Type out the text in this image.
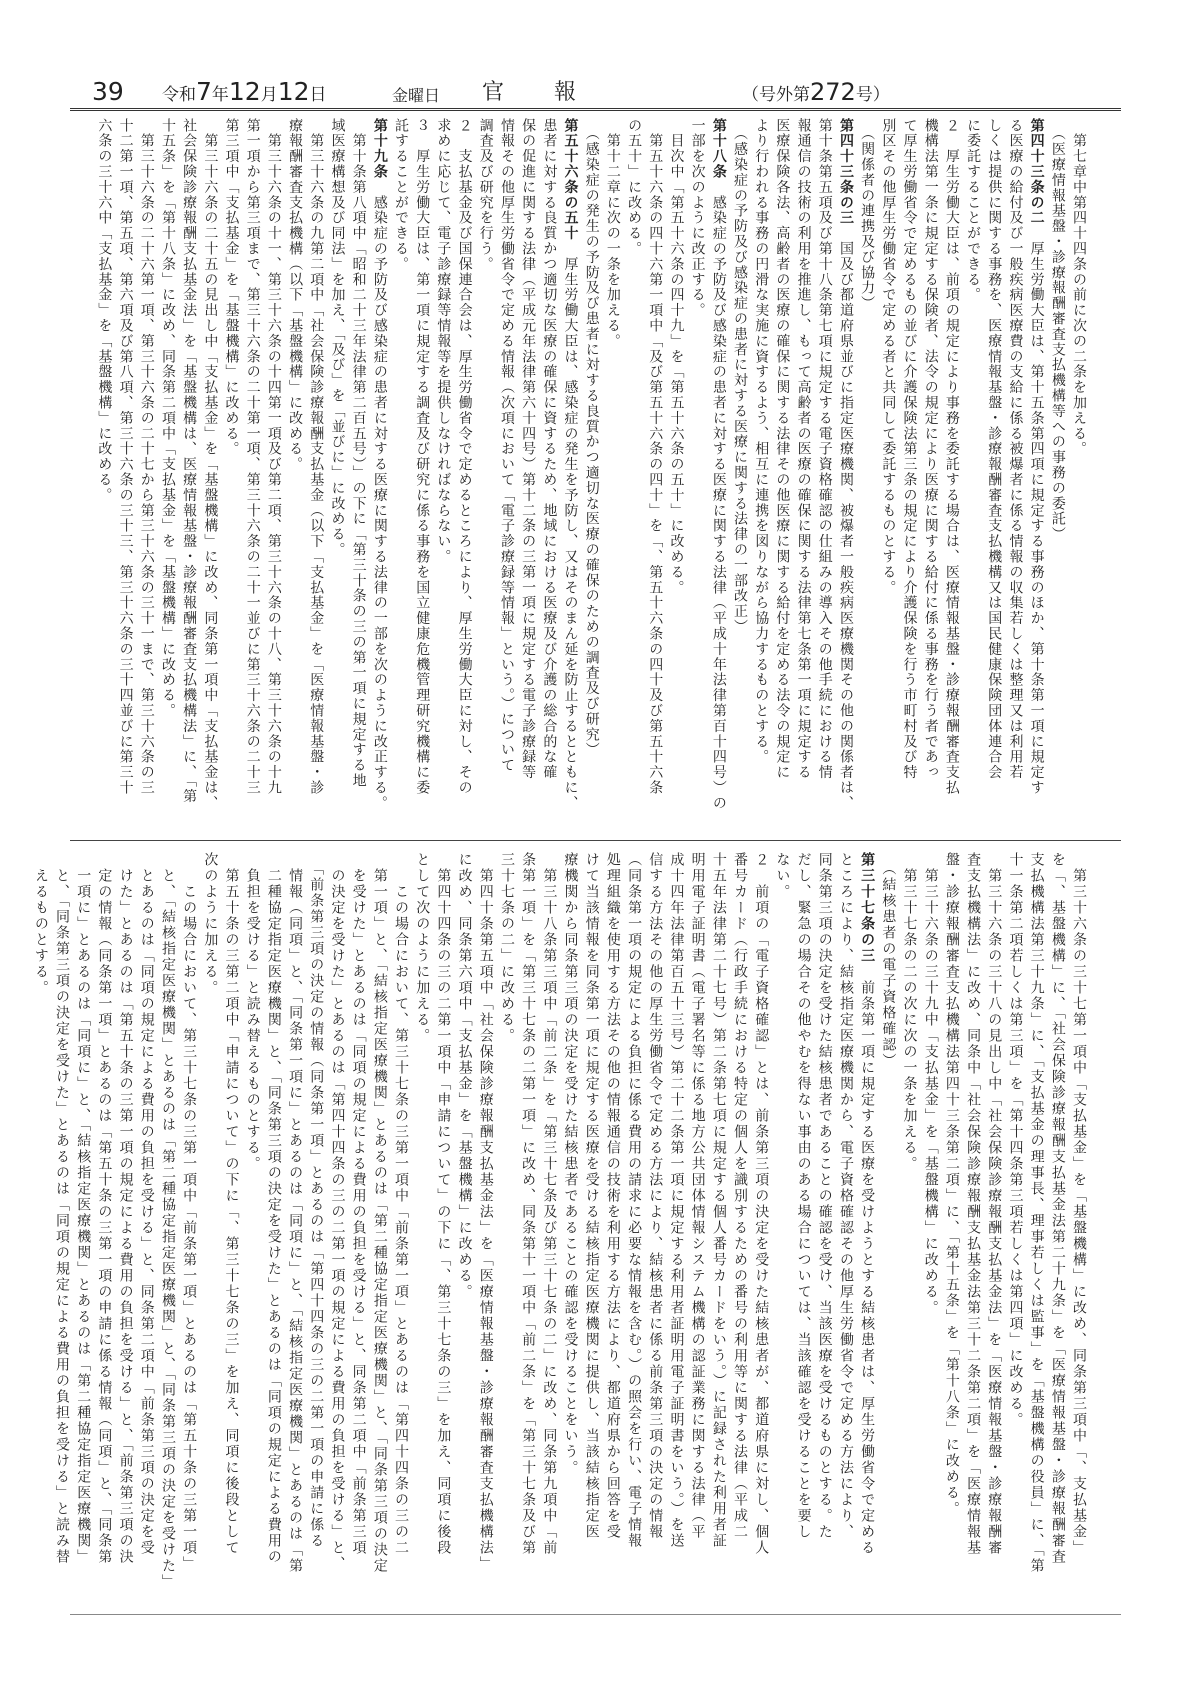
39	令和7年12月12日	金曜日	官報	（号外第272号）
　第七章中第四十四条の前に次の二条を加える。
　（医療情報基盤・診療報酬審査支払機構等への事務の委託）
第四十三条の二　厚生労働大臣は、第十五条第四項に規定する事務のほか、第十条第一項に規定す
る医療の給付及び一般疾病医療費の支給に係る被爆者に係る情報の収集若しくは整理又は利用若
しくは提供に関する事務を、医療情報基盤・診療報酬審査支払機構又は国民健康保険団体連合会
に委託することができる。
２　厚生労働大臣は、前項の規定により事務を委託する場合は、医療情報基盤・診療報酬審査支払
機構法第一条に規定する保険者、法令の規定により医療に関する給付に係る事務を行う者であっ
て厚生労働省令で定めるもの並びに介護保険法第三条の規定により介護保険を行う市町村及び特
別区その他厚生労働省令で定める者と共同して委託するものとする。
　（関係者の連携及び協力）
第四十三条の三　国及び都道府県並びに指定医療機関、被爆者一般疾病医療機関その他の関係者は、
第十条第五項及び第十八条第七項に規定する電子資格確認の仕組みの導入その他手続における情
報通信の技術の利用を推進し、もって高齢者の医療の確保に関する法律第七条第一項に規定する
医療保険各法、高齢者の医療の確保に関する法律その他医療に関する給付を定める法令の規定に
より行われる事務の円滑な実施に資するよう、相互に連携を図りながら協力するものとする。
　（感染症の予防及び感染症の患者に対する医療に関する法律の一部改正）
第十八条　感染症の予防及び感染症の患者に対する医療に関する法律（平成十年法律第百十四号）の
一部を次のように改正する。
　目次中「第五十六条の四十九」を「第五十六条の五十」に改める。
　第五十六条の四十六第一項中「及び第五十六条の四十」を「、第五十六条の四十及び第五十六条
の五十」に改める。
　第十二章に次の一条を加える。
　（感染症の発生の予防及び患者に対する良質かつ適切な医療の確保のための調査及び研究）
第五十六条の五十　厚生労働大臣は、感染症の発生を予防し、又はそのまん延を防止するとともに、
患者に対する良質かつ適切な医療の確保に資するため、地域における医療及び介護の総合的な確
保の促進に関する法律（平成元年法律第六十四号）第十二条の三第一項に規定する電子診療録等
情報その他厚生労働省令で定める情報（次項において「電子診療録等情報」という。）について
調査及び研究を行う。
２　支払基金及び国保連合会は、厚生労働省令で定めるところにより、厚生労働大臣に対し、その
求めに応じて、電子診療録等情報等を提供しなければならない。
３　厚生労働大臣は、第一項に規定する調査及び研究に係る事務を国立健康危機管理研究機構に委
託することができる。
第十九条　感染症の予防及び感染症の患者に対する医療に関する法律の一部を次のように改正する。
　第十条第八項中「昭和二十三年法律第二百五号）」の下に「第三十条の三の第一項に規定する地
域医療構想及び同法」を加え、「及び」を「並びに」に改める。
　第三十六条の九第二項中「社会保険診療報酬支払基金（以下「支払基金」を「医療情報基盤・診
療報酬審査支払機構（以下「基盤機構」に改める。
　第三十六条の十一、第三十六条の十四第一項及び第二項、第三十六条の十八、第三十六条の十九
第一項から第三項まで、第三十六条の二十第一項、第三十六条の二十一並びに第三十六条の二十三
第三項中「支払基金」を「基盤機構」に改める。
　第三十六条の二十五の見出し中「支払基金」を「基盤機構」に改め、同条第一項中「支払基金は、
社会保険診療報酬支払基金法」を「基盤機構は、医療情報基盤・診療報酬審査支払機構法」に、「第
十五条」を「第十八条」に改め、同条第二項中「支払基金」を「基盤機構」に改める。
　第三十六条の二十六第一項、第三十六条の二十七から第三十六条の三十一まで、第三十六条の三
十二第一項、第五項、第六項及び第八項、第三十六条の三十三、第三十六条の三十四並びに第三十
六条の三十六中「支払基金」を「基盤機構」に改める。
　第三十六条の三十七第一項中「支払基金」を「基盤機構」に改め、同条第三項中「、支払基金」
を「、基盤機構」に、「社会保険診療報酬支払基金法第二十九条」を「医療情報基盤・診療報酬審査
支払機構法第三十九条」に、「支払基金の理事長、理事若しくは監事」を「基盤機構の役員」に、「第
十一条第二項若しくは第三項」を「第十四条第三項若しくは第四項」に改める。
　第三十六条の三十八の見出し中「社会保険診療報酬支払基金法」を「医療情報基盤・診療報酬審
査支払機構法」に改め、同条中「社会保険診療報酬支払基金法第三十二条第二項」を「医療情報基
盤・診療報酬審査支払機構法第四十三条第二項」に、「第十五条」を「第十八条」に改める。
　第三十六条の三十九中「支払基金」を「基盤機構」に改める。
　第三十七条の二の次に次の一条を加える。
　（結核患者の電子資格確認）
第三十七条の三　前条第一項に規定する医療を受けようとする結核患者は、厚生労働省令で定める
ところにより、結核指定医療機関から、電子資格確認その他厚生労働省令で定める方法により、
同条第三項の決定を受けた結核患者であることの確認を受け、当該医療を受けるものとする。た
だし、緊急の場合その他やむを得ない事由のある場合については、当該確認を受けることを要し
ない。
２　前項の「電子資格確認」とは、前条第三項の決定を受けた結核患者が、都道府県に対し、個人
番号カード（行政手続における特定の個人を識別するための番号の利用等に関する法律（平成二
十五年法律第二十七号）第二条第七項に規定する個人番号カードをいう。）に記録された利用者証
明用電子証明書（電子署名等に係る地方公共団体情報システム機構の認証業務に関する法律（平
成十四年法律第百五十三号）第二十二条第一項に規定する利用者証明用電子証明書をいう。）を送
信する方法その他の厚生労働省令で定める方法により、結核患者に係る前条第三項の決定の情報
（同条第一項の規定による負担に係る費用の請求に必要な情報を含む。）の照会を行い、電子情報
処理組織を使用する方法その他の情報通信の技術を利用する方法により、都道府県から回答を受
けて当該情報を同条第一項に規定する医療を受ける結核指定医療機関に提供し、当該結核指定医
療機関から同条第三項の決定を受けた結核患者であることの確認を受けることをいう。
　第三十八条第三項中「前二条」を「第三十七条及び第三十七条の二」に改め、同条第九項中「前
条第一項」を「第三十七条の二第一項」に改め、同条第十一項中「前二条」を「第三十七条及び第
三十七条の二」に改める。
　第四十条第五項中「社会保険診療報酬支払基金法」を「医療情報基盤・診療報酬審査支払機構法」
に改め、同条第六項中「支払基金」を「基盤機構」に改める。
　第四十四条の三の二第一項中「申請について」の下に「、第三十七条の三」を加え、同項に後段
として次のように加える。
　　この場合において、第三十七条の三第一項中「前条第一項」とあるのは「第四十四条の三の二
　第一項」と、「結核指定医療機関」とあるのは「第二種協定指定医療機関」と、「同条第三項の決定
　を受けた」とあるのは「同項の規定による費用の負担を受ける」と、同条第二項中「前条第三項
　の決定を受けた」とあるのは「第四十四条の三の二第一項の規定による費用の負担を受ける」と、
　「前条第三項の決定の情報（同条第一項」とあるのは「第四十四条の三の二第一項の申請に係る
　情報（同項」と、「同条第一項に」とあるのは「同項に」と、「結核指定医療機関」とあるのは「第
　二種協定指定医療機関」と、「同条第三項の決定を受けた」とあるのは「同項の規定による費用の
　負担を受ける」と読み替えるものとする。
　第五十条の三第二項中「申請について」の下に「、第三十七条の三」を加え、同項に後段として
次のように加える。
　　この場合において、第三十七条の三第一項中「前条第一項」とあるのは「第五十条の三第一項」
　と、「結核指定医療機関」とあるのは「第二種協定指定医療機関」と、「同条第三項の決定を受けた」
　とあるのは「同項の規定による費用の負担を受ける」と、同条第二項中「前条第三項の決定を受
　けた」とあるのは「第五十条の三第一項の規定による費用の負担を受ける」と、「前条第三項の決
　定の情報（同条第一項」とあるのは「第五十条の三第一項の申請に係る情報（同項」と、「同条第
　一項に」とあるのは「同項に」と、「結核指定医療機関」とあるのは「第二種協定指定医療機関」
　と、「同条第三項の決定を受けた」とあるのは「同項の規定による費用の負担を受ける」と読み替
　えるものとする。
